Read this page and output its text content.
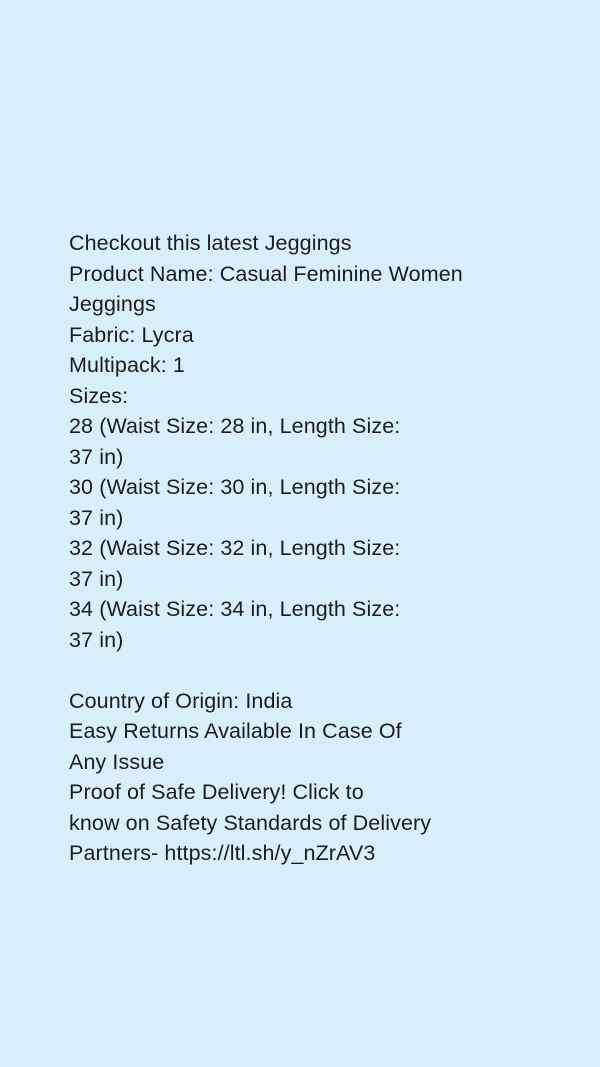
Checkout this latest Jeggings
Product Name: Casual Feminine Women
Jeggings
Fabric: Lycra
Multipack: 1
Sizes:
28 (Waist Size: 28 in, Length Size:
37 in)
30 (Waist Size: 30 in, Length Size:
37 in)
32 (Waist Size: 32 in, Length Size:
37 in)
34 (Waist Size: 34 in, Length Size:
37 in)
Country of Origin: India
Easy Returns Available In Case Of
Any Issue
Proof of Safe Delivery! Click to
know on Safety Standards of Delivery
Partners- https://ltl.sh/y_nZrAV3
